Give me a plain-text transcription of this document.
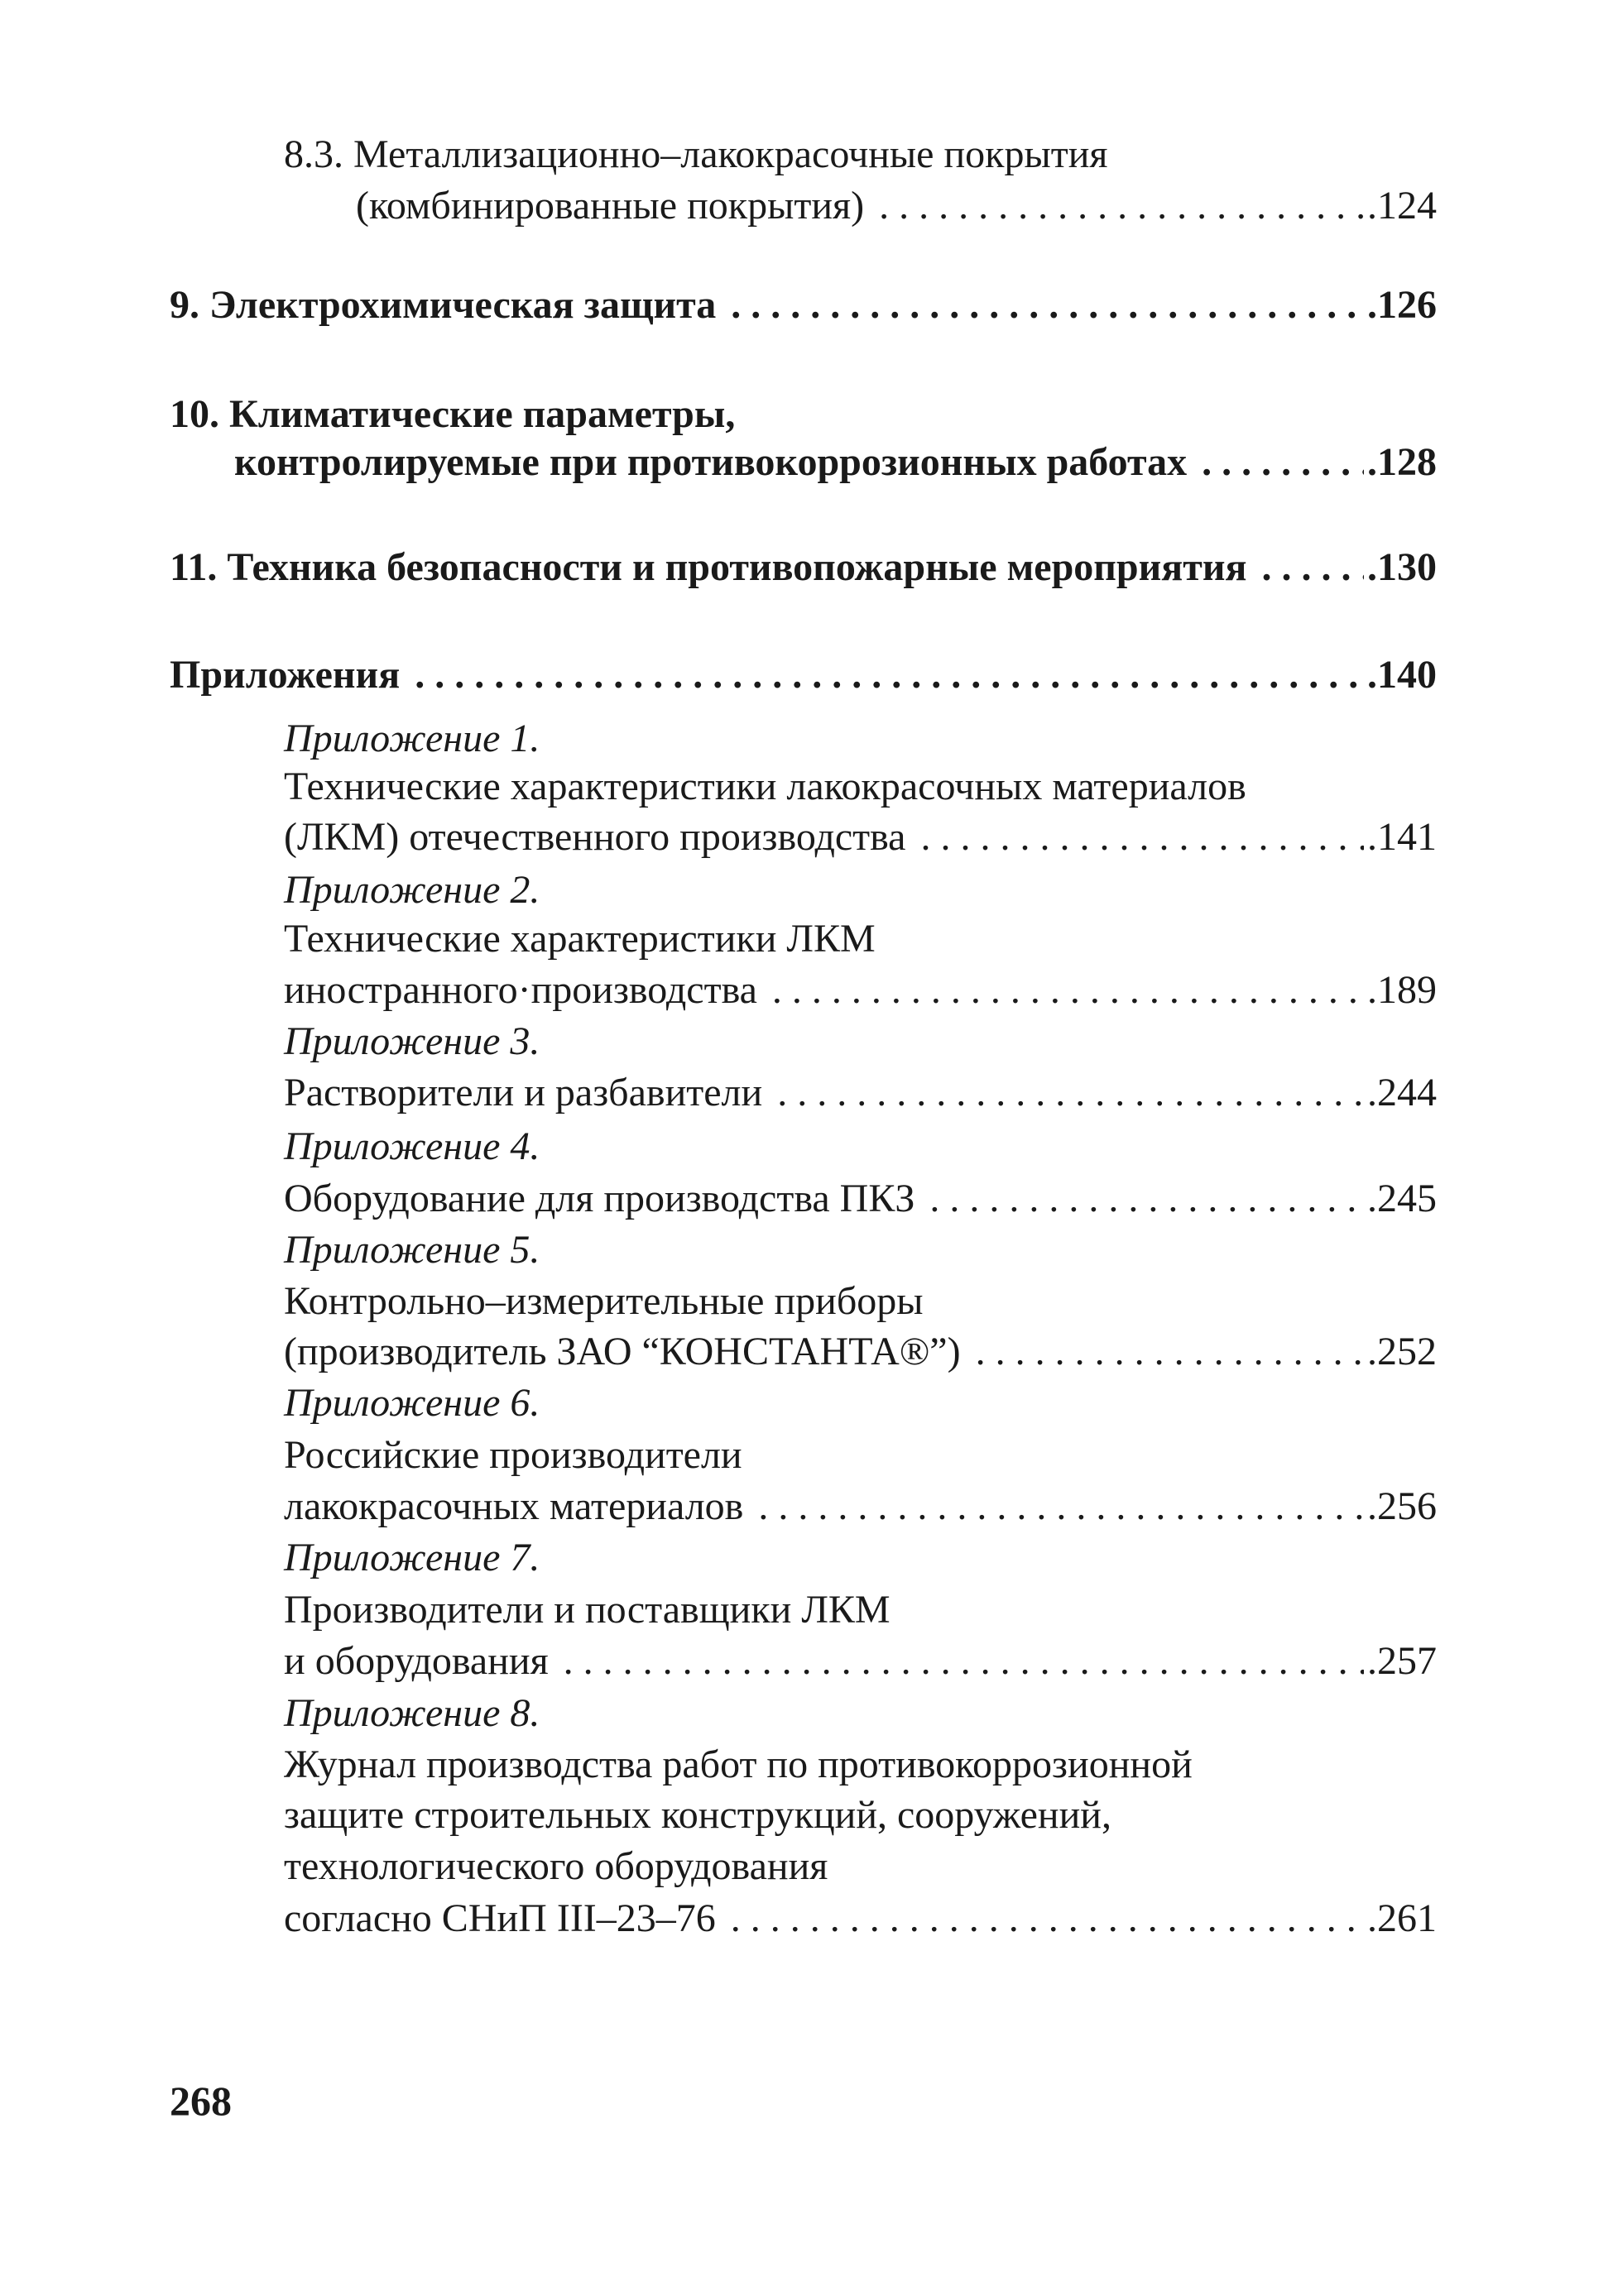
8.3. Металлизационно–лакокрасочные покрытия
(комбинированные покрытия) . . .	.124
9. Электрохимическая защита . . .	.126
10. Климатические параметры,
контролируемые при противокоррозионных работах . . .	.128
11. Техника безопасности и противопожарные мероприятия . . .	.130
Приложения . . .	.140
Приложение 1.
Технические характеристики лакокрасочных материалов
(ЛКМ) отечественного производства . . .	.141
Приложение 2.
Технические характеристики ЛКМ
иностранного·производства . . .	.189
Приложение 3.
Растворители и разбавители . . .	.244
Приложение 4.
Оборудование для производства ПКЗ . . .	.245
Приложение 5.
Контрольно–измерительные приборы
(производитель ЗАО “КОНСТАНТА®”) . . .	.252
Приложение 6.
Российские производители
лакокрасочных материалов . . .	.256
Приложение 7.
Производители и поставщики ЛКМ
и оборудования . . .	.257
Приложение 8.
Журнал производства работ по противокоррозионной
защите строительных конструкций, сооружений,
технологического оборудования
согласно СНиП III–23–76 . . .	.261
268
